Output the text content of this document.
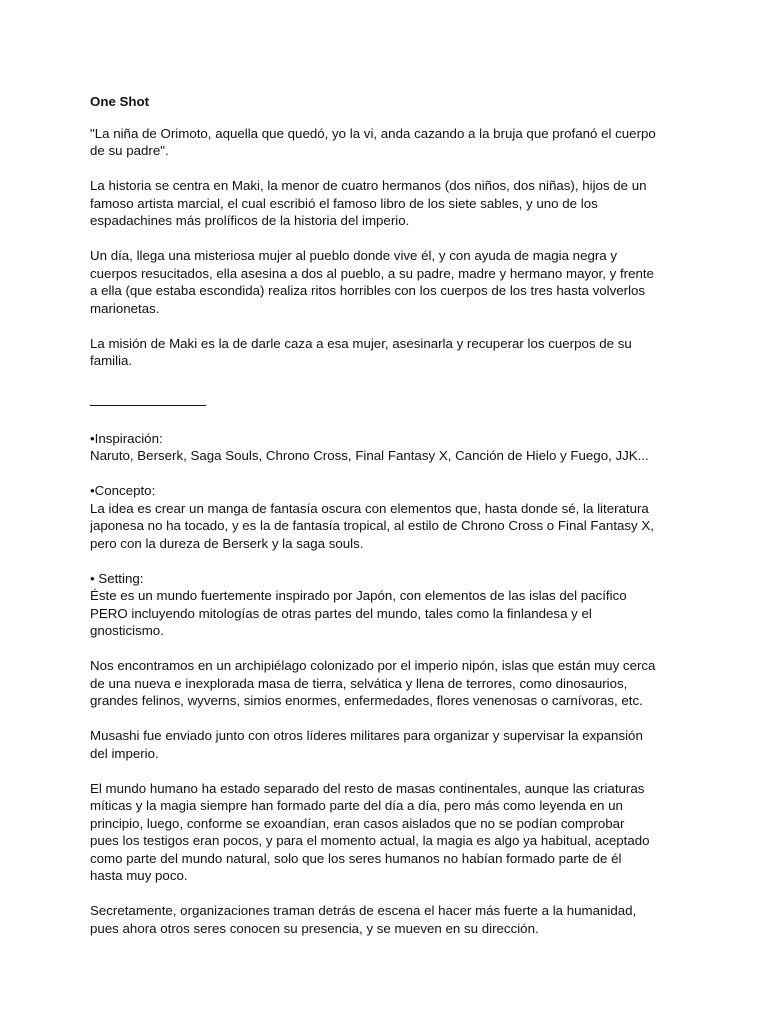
One Shot
"La niña de Orimoto, aquella que quedó, yo la vi, anda cazando a la bruja que profanó el cuerpo
de su padre".
La historia se centra en Maki, la menor de cuatro hermanos (dos niños, dos niñas), hijos de un
famoso artista marcial, el cual escribió el famoso libro de los siete sables, y uno de los
espadachines más prolíficos de la historia del imperio.
Un día, llega una misteriosa mujer al pueblo donde vive él, y con ayuda de magia negra y
cuerpos resucitados, ella asesina a dos al pueblo, a su padre, madre y hermano mayor, y frente
a ella (que estaba escondida) realiza ritos horribles con los cuerpos de los tres hasta volverlos
marionetas.
La misión de Maki es la de darle caza a esa mujer, asesinarla y recuperar los cuerpos de su
familia.
•Inspiración:
Naruto, Berserk, Saga Souls, Chrono Cross, Final Fantasy X, Canción de Hielo y Fuego, JJK...
•Concepto:
La idea es crear un manga de fantasía oscura con elementos que, hasta donde sé, la literatura
japonesa no ha tocado, y es la de fantasía tropical, al estilo de Chrono Cross o Final Fantasy X,
pero con la dureza de Berserk y la saga souls.
• Setting:
Éste es un mundo fuertemente inspirado por Japón, con elementos de las islas del pacífico
PERO incluyendo mitologías de otras partes del mundo, tales como la finlandesa y el
gnosticismo.
Nos encontramos en un archipiélago colonizado por el imperio nipón, islas que están muy cerca
de una nueva e inexplorada masa de tierra, selvática y llena de terrores, como dinosaurios,
grandes felinos, wyverns, simios enormes, enfermedades, flores venenosas o carnívoras, etc.
Musashi fue enviado junto con otros líderes militares para organizar y supervisar la expansión
del imperio.
El mundo humano ha estado separado del resto de masas continentales, aunque las criaturas
míticas y la magia siempre han formado parte del día a día, pero más como leyenda en un
principio, luego, conforme se exoandían, eran casos aislados que no se podían comprobar
pues los testigos eran pocos, y para el momento actual, la magia es algo ya habitual, aceptado
como parte del mundo natural, solo que los seres humanos no habían formado parte de él
hasta muy poco.
Secretamente, organizaciones traman detrás de escena el hacer más fuerte a la humanidad,
pues ahora otros seres conocen su presencia, y se mueven en su dirección.
